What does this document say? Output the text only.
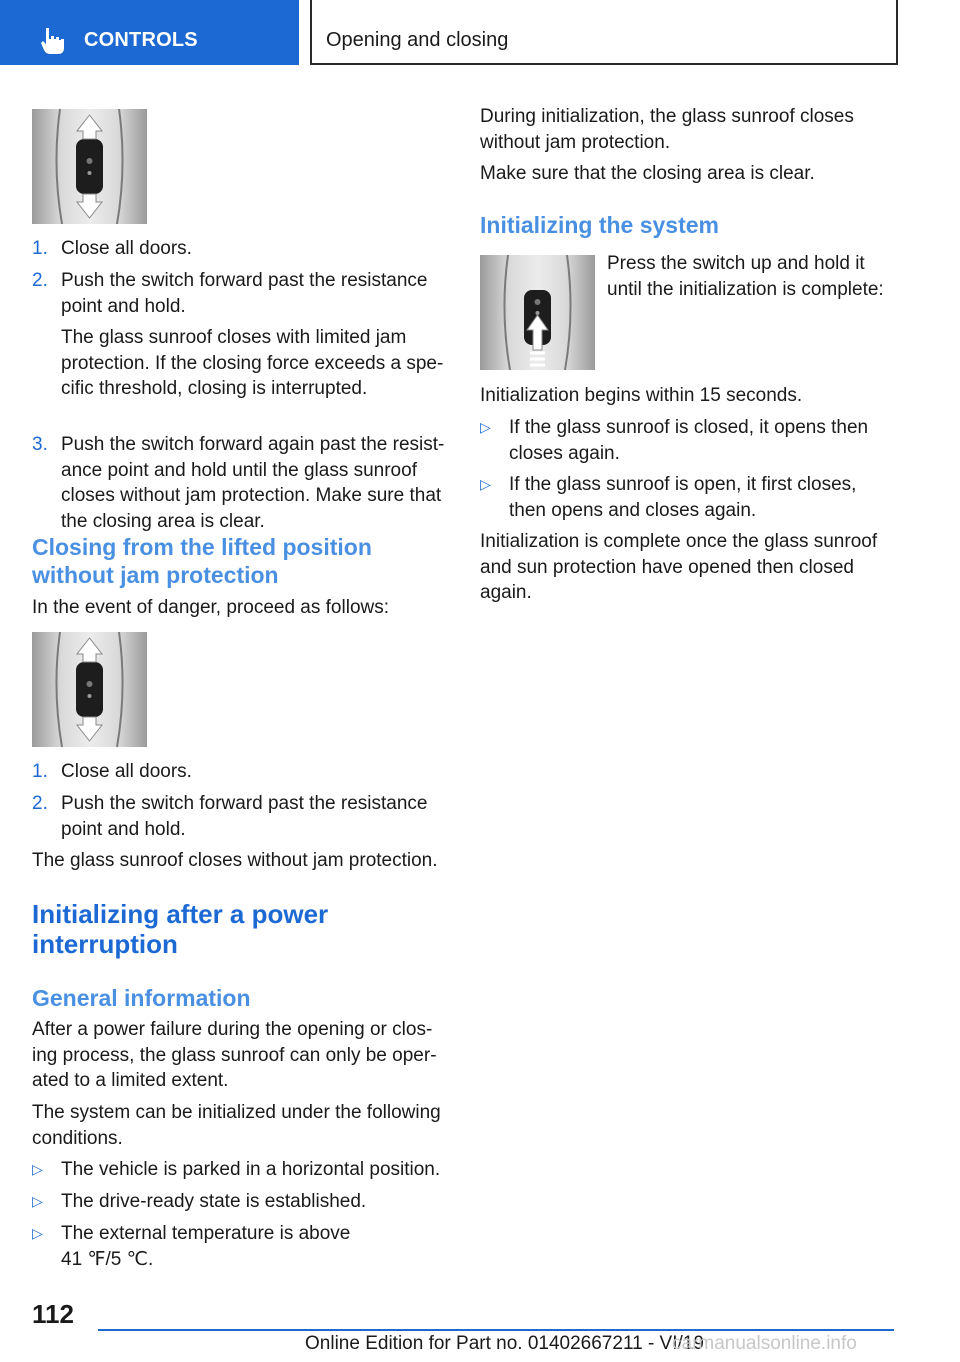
CONTROLS	Opening and closing
1. Close all doors.

2. Push the switch forward past the resistance point and hold.

The glass sunroof closes with limited jam protection. If the closing force exceeds a specific threshold, closing is interrupted.

3. Push the switch forward again past the resistance point and hold until the glass sunroof closes without jam protection. Make sure that the closing area is clear.

Closing from the lifted position without jam protection

In the event of danger, proceed as follows:

1. Close all doors.

2. Push the switch forward past the resistance point and hold.

The glass sunroof closes without jam protection.

Initializing after a power interruption
General information

After a power failure during the opening or closing process, the glass sunroof can only be operated to a limited extent.

The system can be initialized under the following conditions.

▷ The vehicle is parked in a horizontal position.

▷ The drive-ready state is established.

▷ The external temperature is above 41 ℉/5 ℃.

During initialization, the glass sunroof closes without jam protection.

Make sure that the closing area is clear.

Initializing the system

Press the switch up and hold it until the initialization is complete:

Initialization begins within 15 seconds.

▷ If the glass sunroof is closed, it opens then closes again.

▷ If the glass sunroof is open, it first closes, then opens and closes again.

Initialization is complete once the glass sunroof and sun protection have opened then closed again.

112
Online Edition for Part no. 01402667211 - VI/19
carmanualsonline.info
